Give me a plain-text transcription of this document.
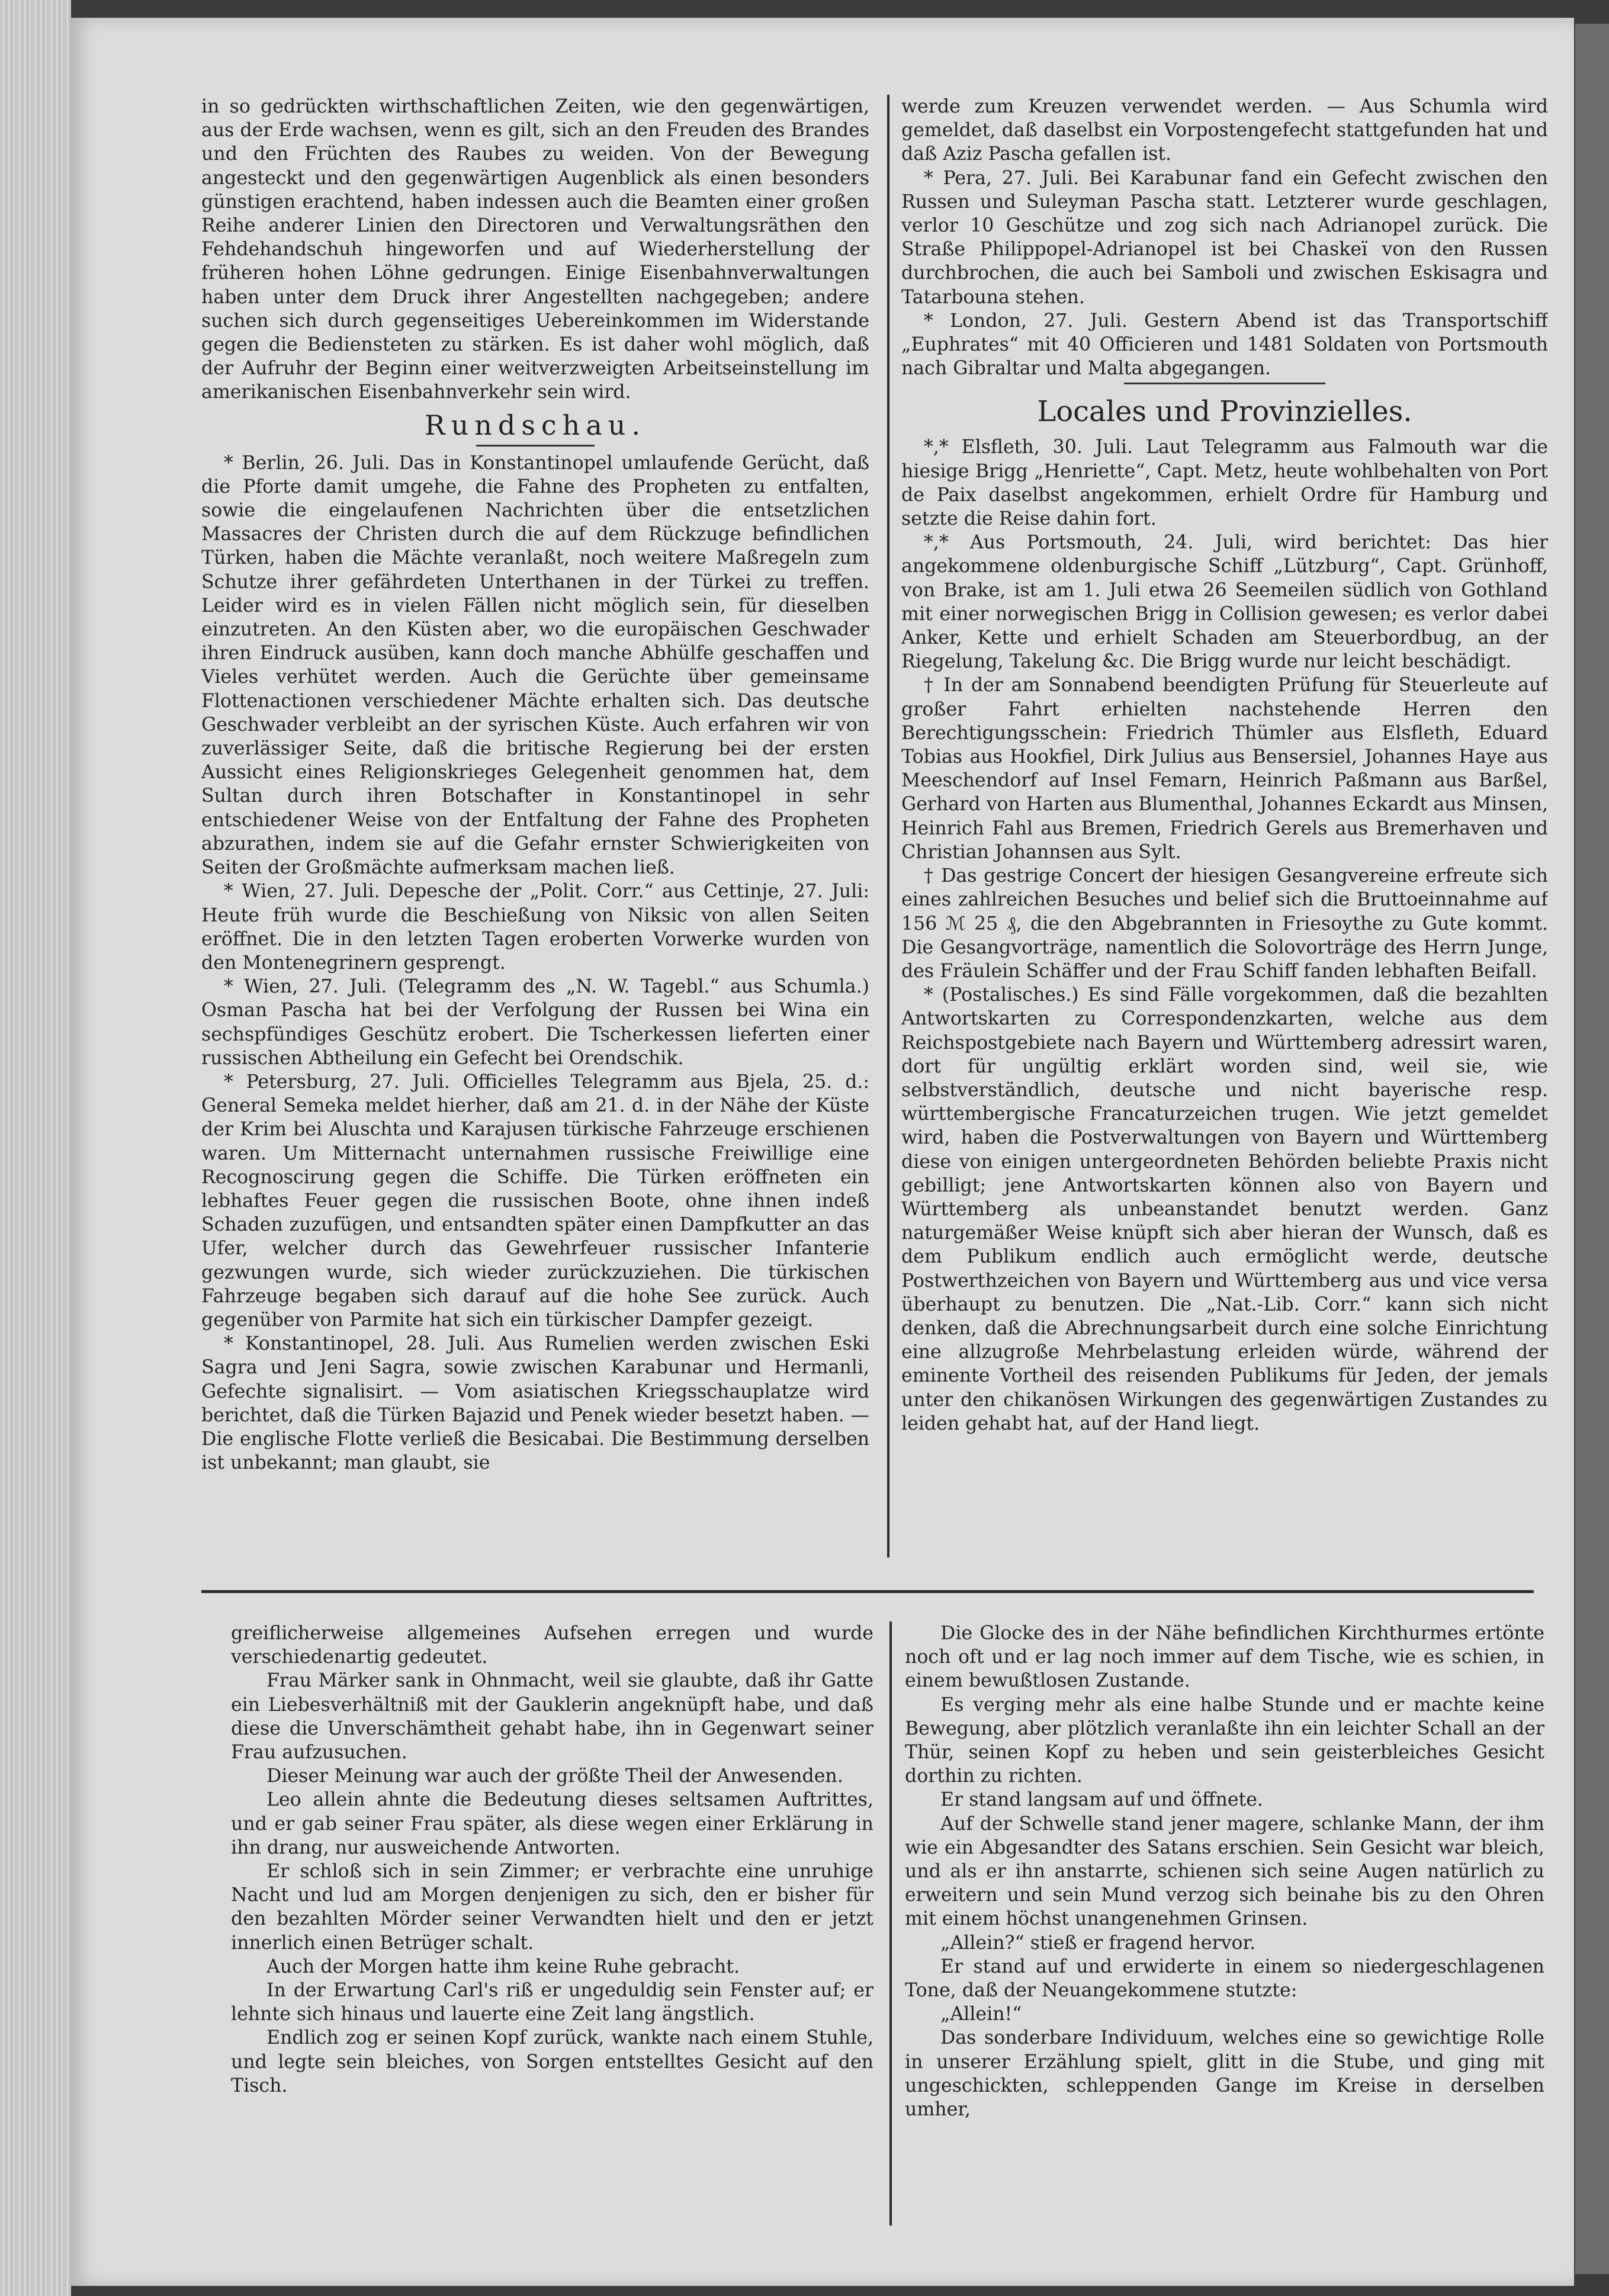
in so gedrückten wirthschaftlichen Zeiten, wie den gegenwärtigen, aus der Erde wachsen, wenn es gilt, sich an den Freuden des Brandes und den Früchten des Raubes zu weiden. Von der Bewegung angesteckt und den gegenwärtigen Augenblick als einen besonders günstigen erachtend, haben indessen auch die Beamten einer großen Reihe anderer Linien den Directoren und Verwaltungsräthen den Fehdehandschuh hingeworfen und auf Wiederherstellung der früheren hohen Löhne gedrungen. Einige Eisenbahnverwaltungen haben unter dem Druck ihrer Angestellten nachgegeben; andere suchen sich durch gegenseitiges Uebereinkommen im Widerstande gegen die Bediensteten zu stärken. Es ist daher wohl möglich, daß der Aufruhr der Beginn einer weitverzweigten Arbeitseinstellung im amerikanischen Eisenbahnverkehr sein wird.

Rundschau.

* Berlin, 26. Juli. Das in Konstantinopel umlaufende Gerücht, daß die Pforte damit umgehe, die Fahne des Propheten zu entfalten, sowie die eingelaufenen Nachrichten über die entsetzlichen Massacres der Christen durch die auf dem Rückzuge befindlichen Türken, haben die Mächte veranlaßt, noch weitere Maßregeln zum Schutze ihrer gefährdeten Unterthanen in der Türkei zu treffen. Leider wird es in vielen Fällen nicht möglich sein, für dieselben einzutreten. An den Küsten aber, wo die europäischen Geschwader ihren Eindruck ausüben, kann doch manche Abhülfe geschaffen und Vieles verhütet werden. Auch die Gerüchte über gemeinsame Flottenactionen verschiedener Mächte erhalten sich. Das deutsche Geschwader verbleibt an der syrischen Küste. Auch erfahren wir von zuverlässiger Seite, daß die britische Regierung bei der ersten Aussicht eines Religionskrieges Gelegenheit genommen hat, dem Sultan durch ihren Botschafter in Konstantinopel in sehr entschiedener Weise von der Entfaltung der Fahne des Propheten abzurathen, indem sie auf die Gefahr ernster Schwierigkeiten von Seiten der Großmächte aufmerksam machen ließ.

* Wien, 27. Juli. Depesche der „Polit. Corr.“ aus Cettinje, 27. Juli: Heute früh wurde die Beschießung von Niksic von allen Seiten eröffnet. Die in den letzten Tagen eroberten Vorwerke wurden von den Montenegrinern gesprengt.

* Wien, 27. Juli. (Telegramm des „N. W. Tagebl.“ aus Schumla.) Osman Pascha hat bei der Verfolgung der Russen bei Wina ein sechspfündiges Geschütz erobert. Die Tscherkessen lieferten einer russischen Abtheilung ein Gefecht bei Orendschik.

* Petersburg, 27. Juli. Officielles Telegramm aus Bjela, 25. d.: General Semeka meldet hierher, daß am 21. d. in der Nähe der Küste der Krim bei Aluschta und Karajusen türkische Fahrzeuge erschienen waren. Um Mitternacht unternahmen russische Freiwillige eine Recognoscirung gegen die Schiffe. Die Türken eröffneten ein lebhaftes Feuer gegen die russischen Boote, ohne ihnen indeß Schaden zuzufügen, und entsandten später einen Dampfkutter an das Ufer, welcher durch das Gewehrfeuer russischer Infanterie gezwungen wurde, sich wieder zurückzuziehen. Die türkischen Fahrzeuge begaben sich darauf auf die hohe See zurück. Auch gegenüber von Parmite hat sich ein türkischer Dampfer gezeigt.

* Konstantinopel, 28. Juli. Aus Rumelien werden zwischen Eski Sagra und Jeni Sagra, sowie zwischen Karabunar und Hermanli, Gefechte signalisirt. — Vom asiatischen Kriegsschauplatze wird berichtet, daß die Türken Bajazid und Penek wieder besetzt haben. — Die englische Flotte verließ die Besicabai. Die Bestimmung derselben ist unbekannt; man glaubt, sie

werde zum Kreuzen verwendet werden. — Aus Schumla wird gemeldet, daß daselbst ein Vorpostengefecht stattgefunden hat und daß Aziz Pascha gefallen ist.

* Pera, 27. Juli. Bei Karabunar fand ein Gefecht zwischen den Russen und Suleyman Pascha statt. Letzterer wurde geschlagen, verlor 10 Geschütze und zog sich nach Adrianopel zurück. Die Straße Philippopel-Adrianopel ist bei Chaskeï von den Russen durchbrochen, die auch bei Samboli und zwischen Eskisagra und Tatarbouna stehen.

* London, 27. Juli. Gestern Abend ist das Transportschiff „Euphrates“ mit 40 Officieren und 1481 Soldaten von Portsmouth nach Gibraltar und Malta abgegangen.

Locales und Provinzielles.

*,* Elsfleth, 30. Juli. Laut Telegramm aus Falmouth war die hiesige Brigg „Henriette“, Capt. Metz, heute wohlbehalten von Port de Paix daselbst angekommen, erhielt Ordre für Hamburg und setzte die Reise dahin fort.

*,* Aus Portsmouth, 24. Juli, wird berichtet: Das hier angekommene oldenburgische Schiff „Lützburg“, Capt. Grünhoff, von Brake, ist am 1. Juli etwa 26 Seemeilen südlich von Gothland mit einer norwegischen Brigg in Collision gewesen; es verlor dabei Anker, Kette und erhielt Schaden am Steuerbordbug, an der Riegelung, Takelung &c. Die Brigg wurde nur leicht beschädigt.

† In der am Sonnabend beendigten Prüfung für Steuerleute auf großer Fahrt erhielten nachstehende Herren den Berechtigungsschein: Friedrich Thümler aus Elsfleth, Eduard Tobias aus Hookfiel, Dirk Julius aus Bensersiel, Johannes Haye aus Meeschendorf auf Insel Femarn, Heinrich Paßmann aus Barßel, Gerhard von Harten aus Blumenthal, Johannes Eckardt aus Minsen, Heinrich Fahl aus Bremen, Friedrich Gerels aus Bremerhaven und Christian Johannsen aus Sylt.

† Das gestrige Concert der hiesigen Gesangvereine erfreute sich eines zahlreichen Besuches und belief sich die Bruttoeinnahme auf 156 ℳ 25 ₰, die den Abgebrannten in Friesoythe zu Gute kommt. Die Gesangvorträge, namentlich die Solovorträge des Herrn Junge, des Fräulein Schäffer und der Frau Schiff fanden lebhaften Beifall.

* (Postalisches.) Es sind Fälle vorgekommen, daß die bezahlten Antwortskarten zu Correspondenzkarten, welche aus dem Reichspostgebiete nach Bayern und Württemberg adressirt waren, dort für ungültig erklärt worden sind, weil sie, wie selbstverständlich, deutsche und nicht bayerische resp. württembergische Francaturzeichen trugen. Wie jetzt gemeldet wird, haben die Postverwaltungen von Bayern und Württemberg diese von einigen untergeordneten Behörden beliebte Praxis nicht gebilligt; jene Antwortskarten können also von Bayern und Württemberg als unbeanstandet benutzt werden. Ganz naturgemäßer Weise knüpft sich aber hieran der Wunsch, daß es dem Publikum endlich auch ermöglicht werde, deutsche Postwerthzeichen von Bayern und Württemberg aus und vice versa überhaupt zu benutzen. Die „Nat.-Lib. Corr.“ kann sich nicht denken, daß die Abrechnungsarbeit durch eine solche Einrichtung eine allzugroße Mehrbelastung erleiden würde, während der eminente Vortheil des reisenden Publikums für Jeden, der jemals unter den chikanösen Wirkungen des gegenwärtigen Zustandes zu leiden gehabt hat, auf der Hand liegt.

greiflicherweise allgemeines Aufsehen erregen und wurde verschiedenartig gedeutet.

Frau Märker sank in Ohnmacht, weil sie glaubte, daß ihr Gatte ein Liebesverhältniß mit der Gauklerin angeknüpft habe, und daß diese die Unverschämtheit gehabt habe, ihn in Gegenwart seiner Frau aufzusuchen.

Dieser Meinung war auch der größte Theil der Anwesenden.

Leo allein ahnte die Bedeutung dieses seltsamen Auftrittes, und er gab seiner Frau später, als diese wegen einer Erklärung in ihn drang, nur ausweichende Antworten.

Er schloß sich in sein Zimmer; er verbrachte eine unruhige Nacht und lud am Morgen denjenigen zu sich, den er bisher für den bezahlten Mörder seiner Verwandten hielt und den er jetzt innerlich einen Betrüger schalt.

Auch der Morgen hatte ihm keine Ruhe gebracht.

In der Erwartung Carl's riß er ungeduldig sein Fenster auf; er lehnte sich hinaus und lauerte eine Zeit lang ängstlich.

Endlich zog er seinen Kopf zurück, wankte nach einem Stuhle, und legte sein bleiches, von Sorgen entstelltes Gesicht auf den Tisch.

Die Glocke des in der Nähe befindlichen Kirchthurmes ertönte noch oft und er lag noch immer auf dem Tische, wie es schien, in einem bewußtlosen Zustande.

Es verging mehr als eine halbe Stunde und er machte keine Bewegung, aber plötzlich veranlaßte ihn ein leichter Schall an der Thür, seinen Kopf zu heben und sein geisterbleiches Gesicht dorthin zu richten.

Er stand langsam auf und öffnete.

Auf der Schwelle stand jener magere, schlanke Mann, der ihm wie ein Abgesandter des Satans erschien. Sein Gesicht war bleich, und als er ihn anstarrte, schienen sich seine Augen natürlich zu erweitern und sein Mund verzog sich beinahe bis zu den Ohren mit einem höchst unangenehmen Grinsen.

„Allein?“ stieß er fragend hervor.

Er stand auf und erwiderte in einem so niedergeschlagenen Tone, daß der Neuangekommene stutzte:

„Allein!“

Das sonderbare Individuum, welches eine so gewichtige Rolle in unserer Erzählung spielt, glitt in die Stube, und ging mit ungeschickten, schleppenden Gange im Kreise in derselben umher,
